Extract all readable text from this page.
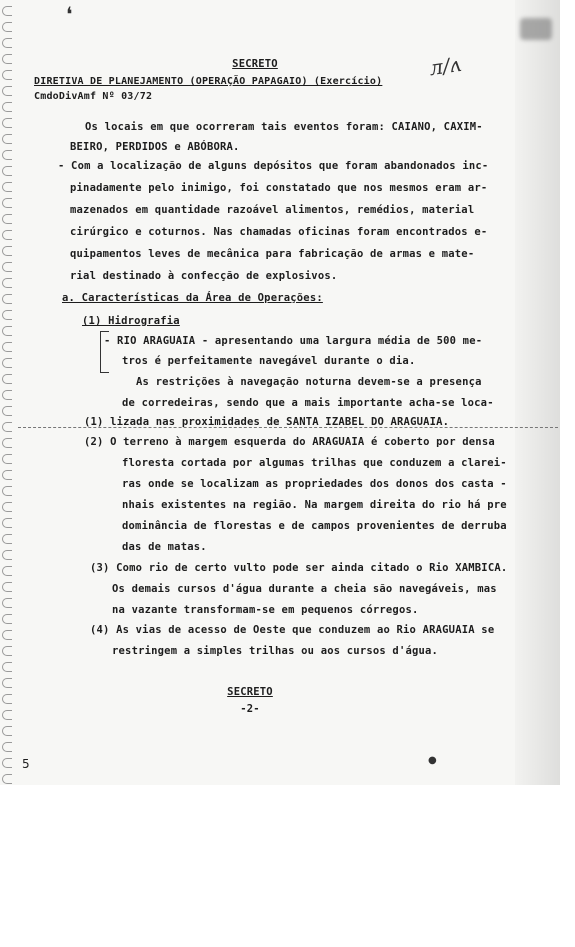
❛
SECRETO
DIRETIVA DE PLANEJAMENTO (OPERAÇÃO PAPAGAIO) (Exercício)
CmdoDivAmf Nº 03/72
ᴫ/ʌ
Os locais em que ocorreram tais eventos foram: CAIANO, CAXIM-
BEIRO, PERDIDOS e ABÓBORA.
- Com a localização de alguns depósitos que foram abandonados inc-
pinadamente pelo inimigo, foi constatado que nos mesmos eram ar-
mazenados em quantidade razoável alimentos, remédios, material
cirúrgico e coturnos. Nas chamadas oficinas foram encontrados e-
quipamentos leves de mecânica para fabricação de armas e mate-
rial destinado à confecção de explosivos.
a. Características da Área de Operações:
(1) Hidrografia
- RIO ARAGUAIA - apresentando uma largura média de 500 me-
tros é perfeitamente navegável durante o dia.
As restrições à navegação noturna devem-se a presença
de corredeiras, sendo que a mais importante acha-se loca-
(1) lizada nas proximidades de SANTA IZABEL DO ARAGUAIA.
(2) O terreno à margem esquerda do ARAGUAIA é coberto por densa
floresta cortada por algumas trilhas que conduzem a clarei-
ras onde se localizam as propriedades dos donos dos casta -
nhais existentes na região. Na margem direita do rio há pre
dominância de florestas e de campos provenientes de derruba
das de matas.
(3) Como rio de certo vulto pode ser ainda citado o Rio XAMBICA.
Os demais cursos d'água durante a cheia são navegáveis, mas
na vazante transformam-se em pequenos córregos.
(4) As vias de acesso de Oeste que conduzem ao Rio ARAGUAIA se
restringem a simples trilhas ou aos cursos d'água.
SECRETO
-2-
5	●
